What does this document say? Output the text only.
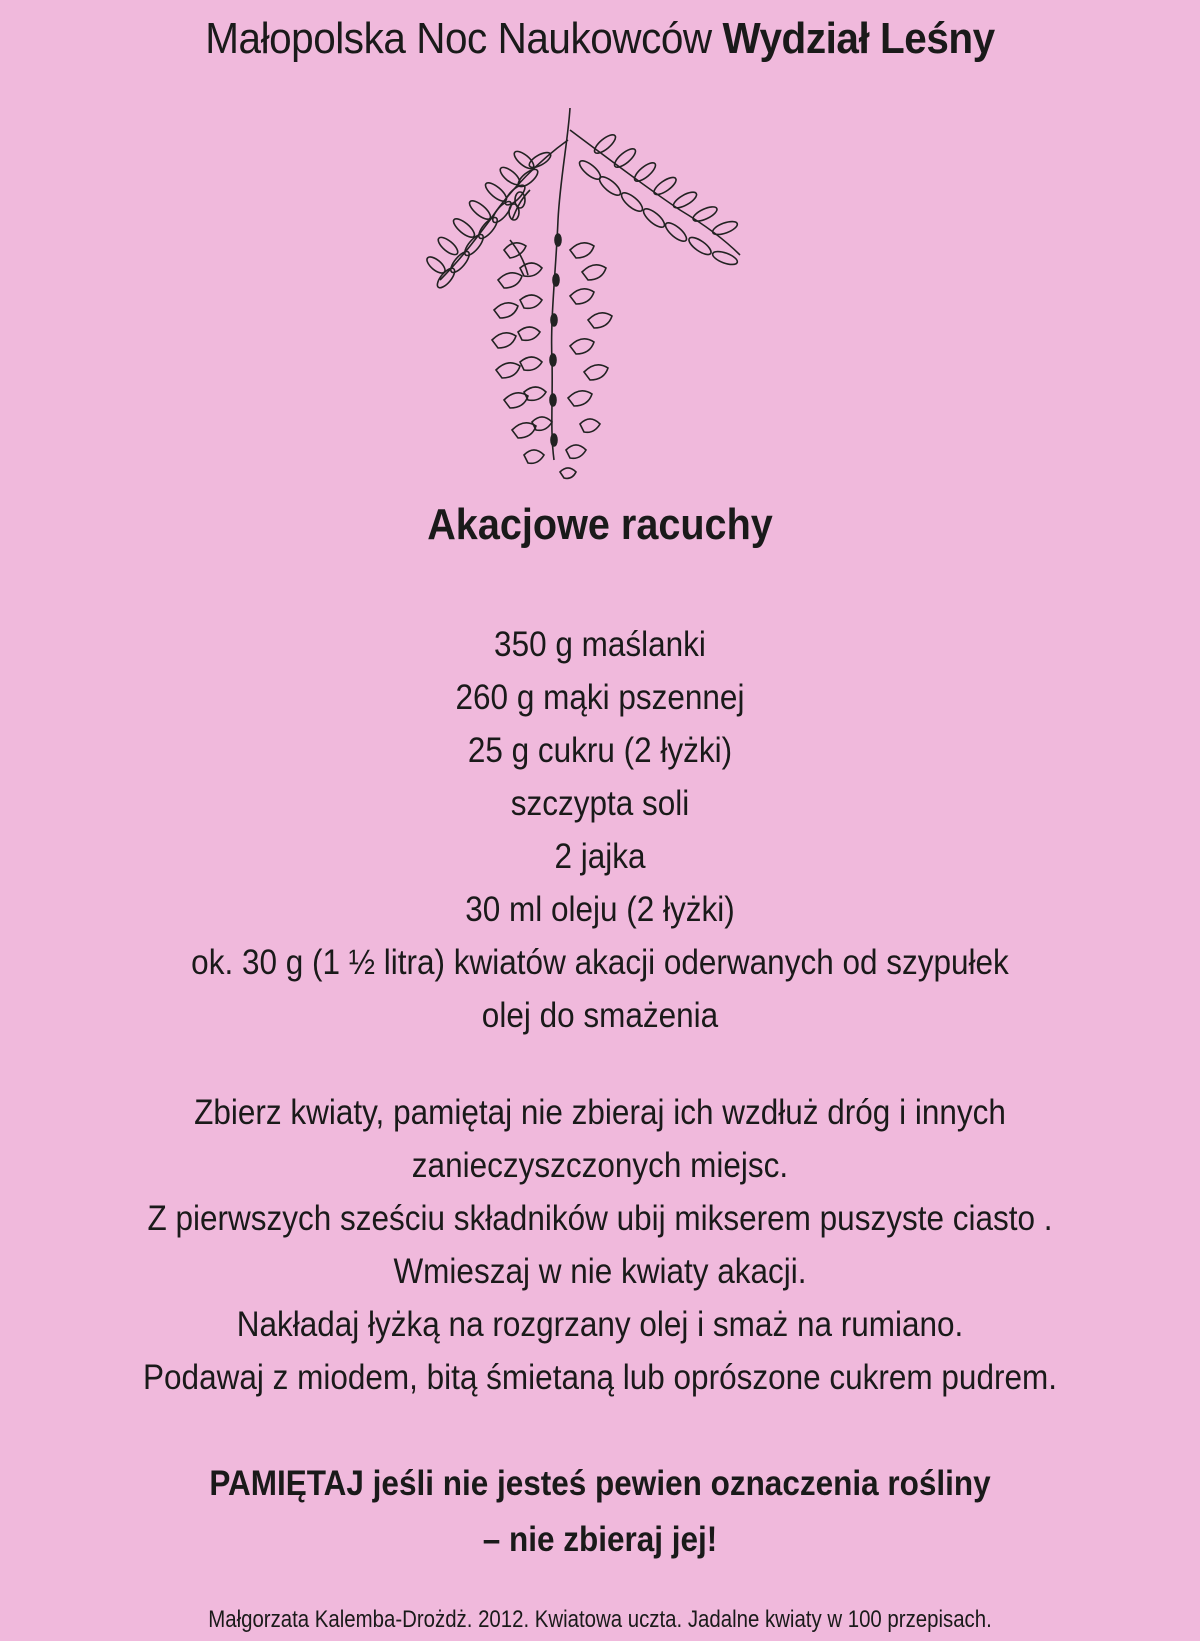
Małopolska Noc Naukowców Wydział Leśny
Akacjowe racuchy
350 g maślanki
260 g mąki pszennej
25 g cukru (2 łyżki)
szczypta soli
2 jajka
30 ml oleju (2 łyżki)
ok. 30 g (1 ½ litra) kwiatów akacji oderwanych od szypułek
olej do smażenia
Zbierz kwiaty, pamiętaj nie zbieraj ich wzdłuż dróg i innych
zanieczyszczonych miejsc.
Z pierwszych sześciu składników ubij mikserem puszyste ciasto .
Wmieszaj w nie kwiaty akacji.
Nakładaj łyżką na rozgrzany olej i smaż na rumiano.
Podawaj z miodem, bitą śmietaną lub oprószone cukrem pudrem.
PAMIĘTAJ jeśli nie jesteś pewien oznaczenia rośliny
– nie zbieraj jej!
Małgorzata Kalemba-Drożdż. 2012. Kwiatowa uczta. Jadalne kwiaty w 100 przepisach.
